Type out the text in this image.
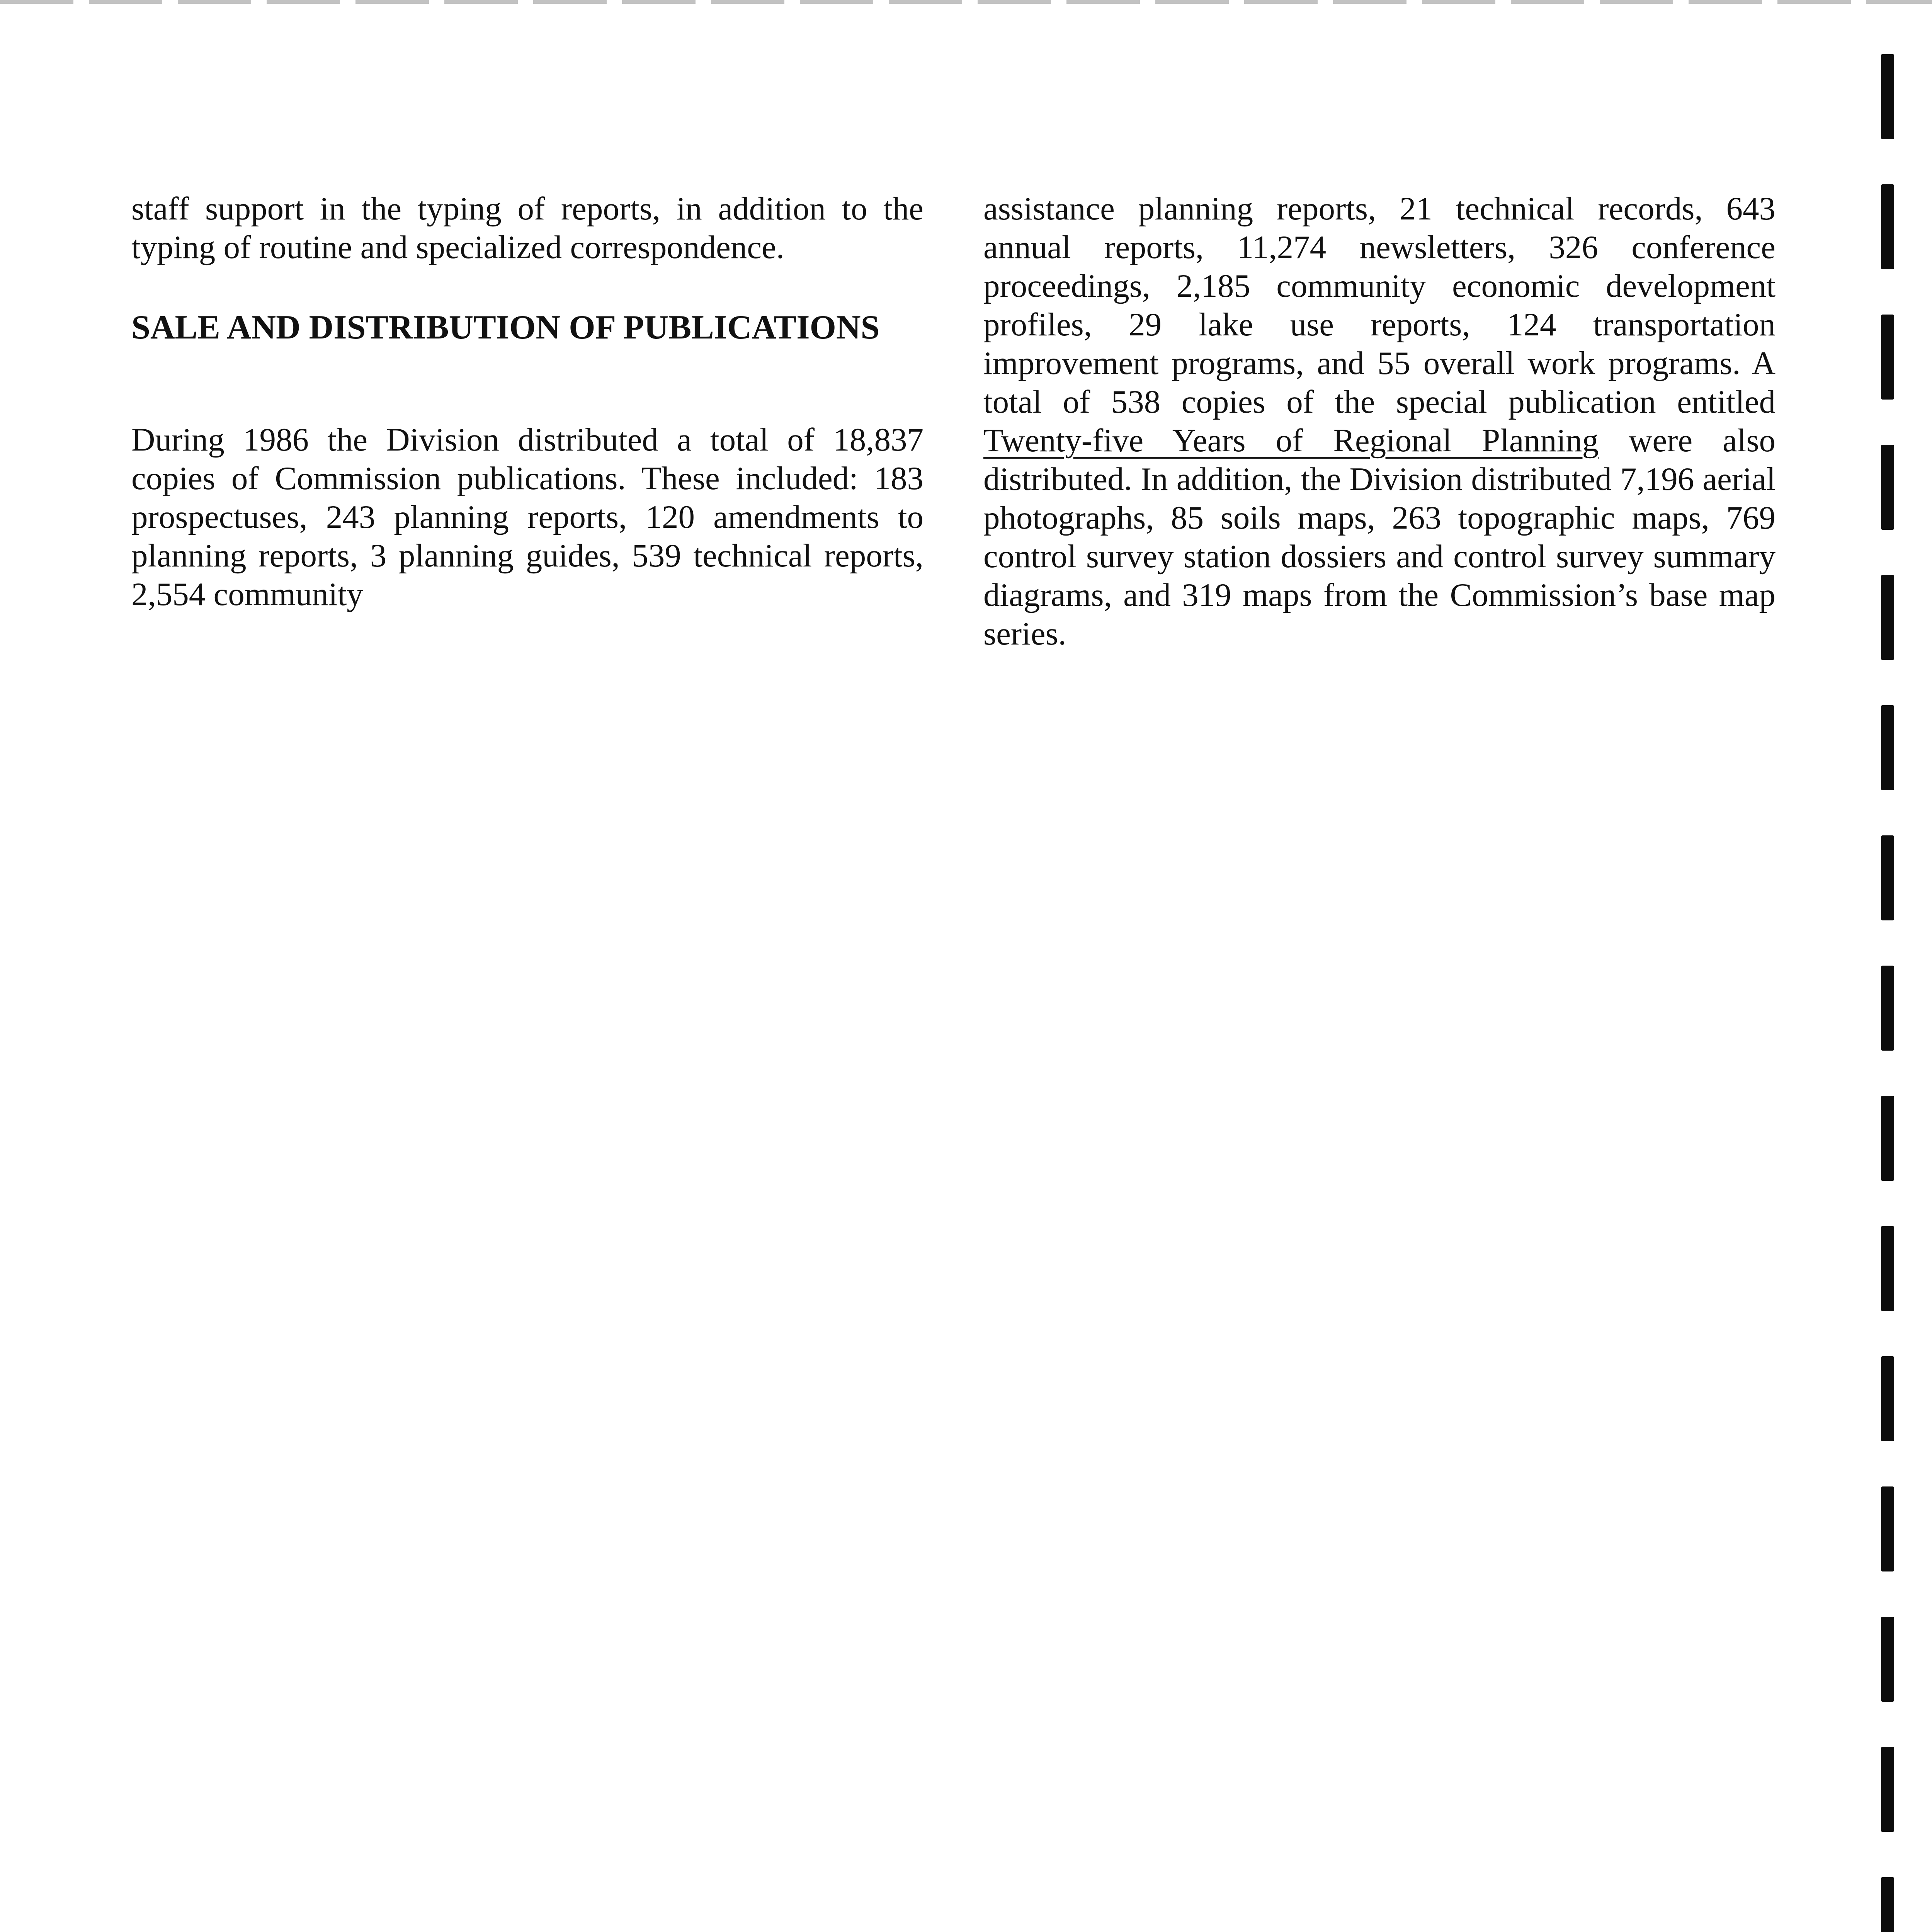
staff support in the typing of reports, in addition to the typing of routine and specialized correspondence.

SALE AND DISTRIBUTION OF PUBLICATIONS

During 1986 the Division distributed a total of 18,837 copies of Commission publications. These included: 183 prospectuses, 243 planning reports, 120 amendments to planning reports, 3 planning guides, 539 technical reports, 2,554 community

assistance planning reports, 21 technical records, 643 annual reports, 11,274 newsletters, 326 conference proceedings, 2,185 community economic development profiles, 29 lake use reports, 124 transportation improvement programs, and 55 overall work programs. A total of 538 copies of the special publication entitled Twenty-five Years of Regional Planning were also distributed. In addition, the Division distributed 7,196 aerial photographs, 85 soils maps, 263 topographic maps, 769 control survey station dossiers and control survey summary diagrams, and 319 maps from the Commission’s base map series.
